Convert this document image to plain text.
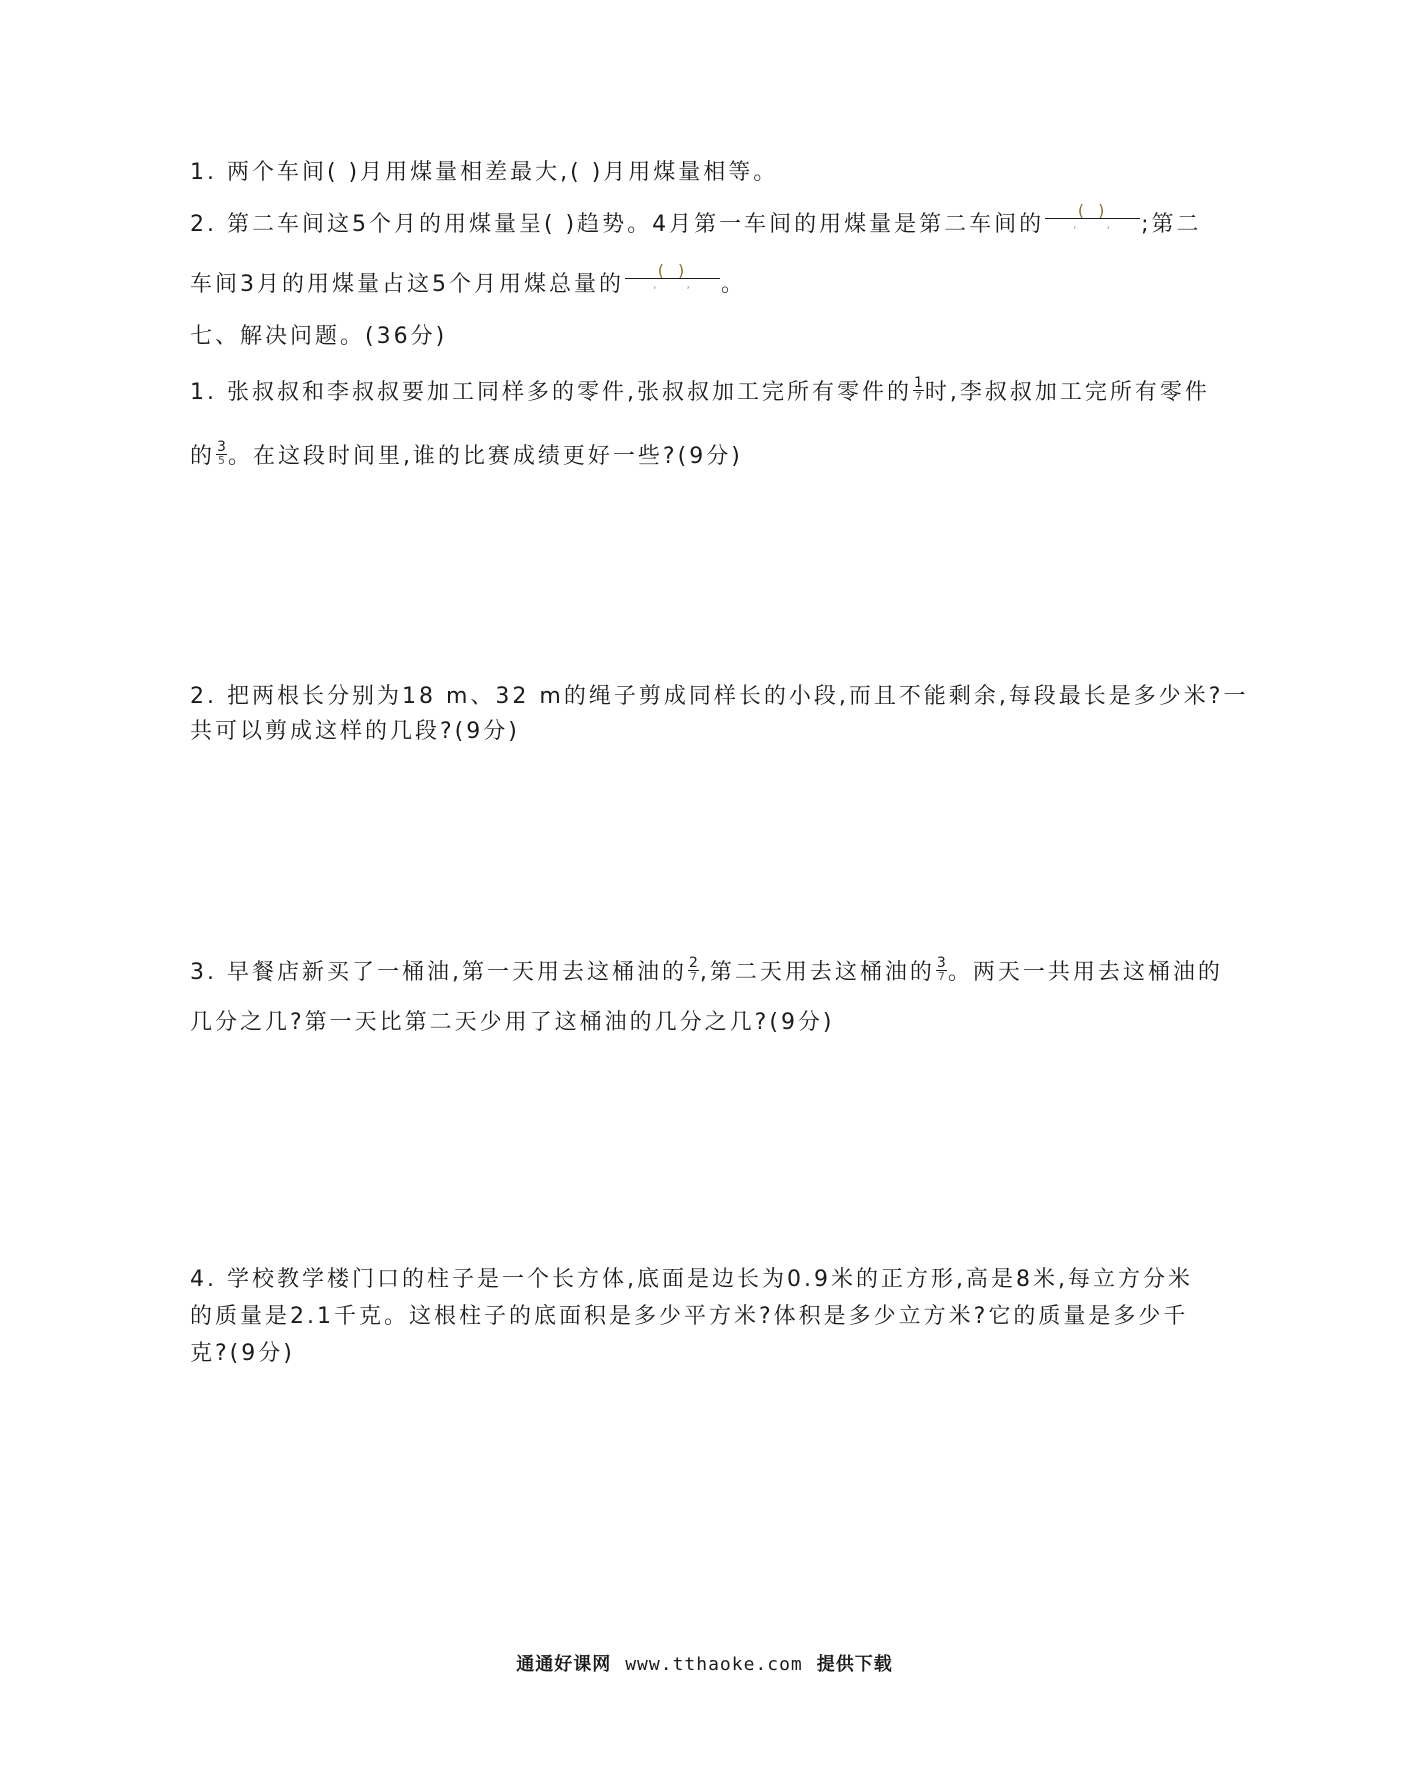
1. 两个车间( )月用煤量相差最大,( )月用煤量相等。
2. 第二车间这5个月的用煤量呈( )趋势。4月第一车间的用煤量是第二车间的 $\frac{()}{,,}$ ;第二
车间3月的用煤量占这5个月用煤总量的 $\frac{()}{,,}$ 。
七、解决问题。(36分)
1. 张叔叔和李叔叔要加工同样多的零件,张叔叔加工完所有零件的 $\frac{1}{7}$ 时,李叔叔加工完所有零件
的 $\frac{3}{5}$ 。在这段时间里,谁的比赛成绩更好一些?(9分)
2. 把两根长分别为18 m、32 m的绳子剪成同样长的小段,而且不能剩余,每段最长是多少米?一
共可以剪成这样的几段?(9分)
3. 早餐店新买了一桶油,第一天用去这桶油的 $\frac{2}{7}$ ,第二天用去这桶油的 $\frac{3}{7}$ 。两天一共用去这桶油的
几分之几?第一天比第二天少用了这桶油的几分之几?(9分)
4. 学校教学楼门口的柱子是一个长方体,底面是边长为0.9米的正方形,高是8米,每立方分米
的质量是2.1千克。这根柱子的底面积是多少平方米?体积是多少立方米?它的质量是多少千
克?(9分)
通通好课网 www.tthaoke.com 提供下载
